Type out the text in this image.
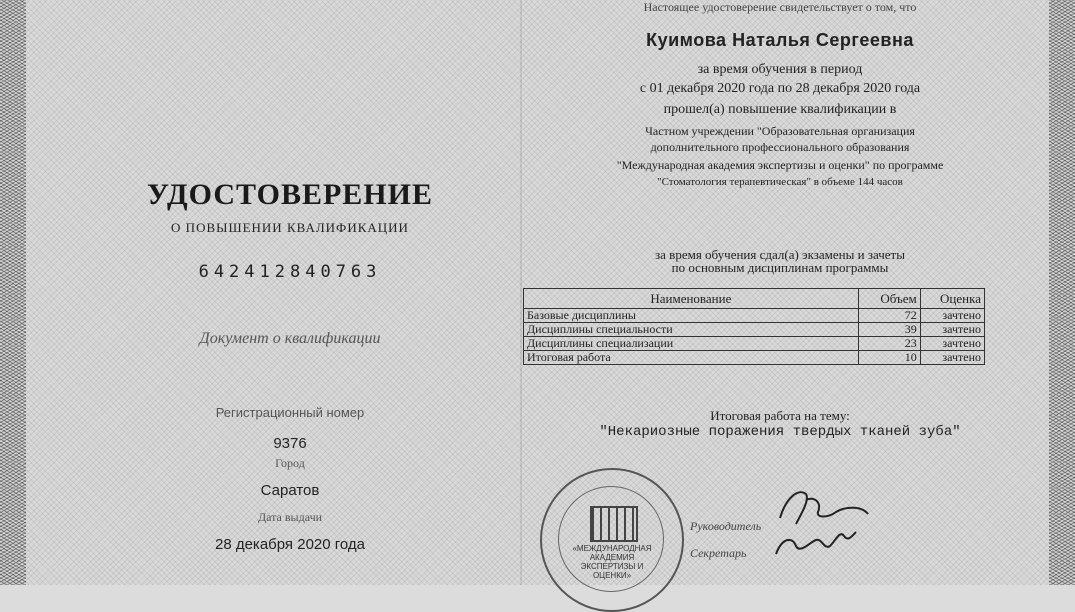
УДОСТОВЕРЕНИЕ
О ПОВЫШЕНИИ КВАЛИФИКАЦИИ
642412840763
Документ о квалификации
Регистрационный номер
9376
Город
Саратов
Дата выдачи
28 декабря 2020 года
Настоящее удостоверение свидетельствует о том, что
Куимова Наталья Сергеевна
за время обучения в период
с 01 декабря 2020 года по 28 декабря 2020 года
прошел(а) повышение квалификации в
Частном учреждении "Образовательная организация
дополнительного профессионального образования
"Международная академия экспертизы и оценки" по программе
"Стоматология терапевтическая" в объеме 144 часов
за время обучения сдал(а) экзамены и зачеты
по основным дисциплинам программы
Наименование	Объем	Оценка
Базовые дисциплины	72	зачтено
Дисциплины специальности	39	зачтено
Дисциплины специализации	23	зачтено
Итоговая работа	10	зачтено
Итоговая работа на тему:
"Некариозные поражения твердых тканей зуба"
«МЕЖДУНАРОДНАЯ АКАДЕМИЯ ЭКСПЕРТИЗЫ И ОЦЕНКИ»
Руководитель
Секретарь
